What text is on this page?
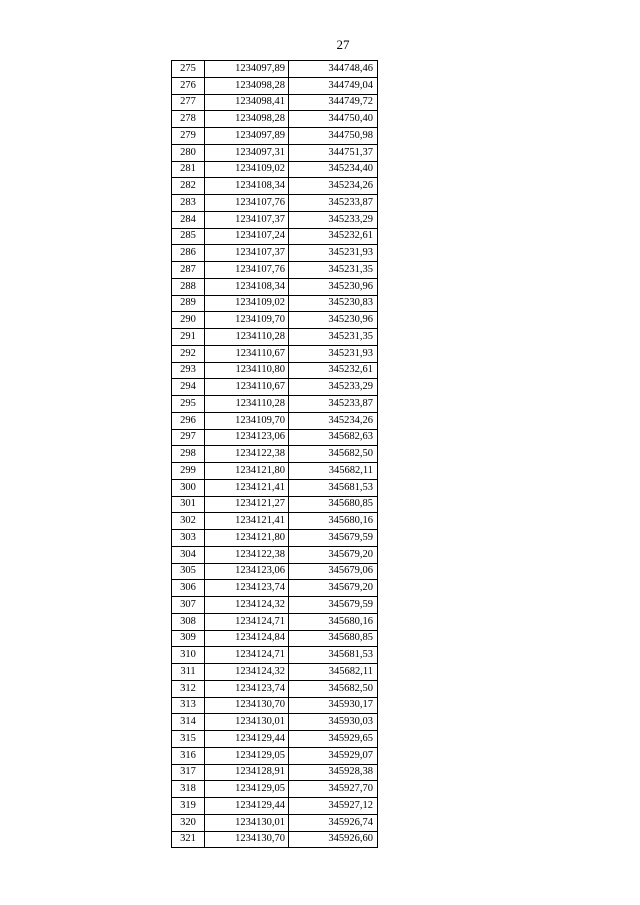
27
275	1234097,89	344748,46
276	1234098,28	344749,04
277	1234098,41	344749,72
278	1234098,28	344750,40
279	1234097,89	344750,98
280	1234097,31	344751,37
281	1234109,02	345234,40
282	1234108,34	345234,26
283	1234107,76	345233,87
284	1234107,37	345233,29
285	1234107,24	345232,61
286	1234107,37	345231,93
287	1234107,76	345231,35
288	1234108,34	345230,96
289	1234109,02	345230,83
290	1234109,70	345230,96
291	1234110,28	345231,35
292	1234110,67	345231,93
293	1234110,80	345232,61
294	1234110,67	345233,29
295	1234110,28	345233,87
296	1234109,70	345234,26
297	1234123,06	345682,63
298	1234122,38	345682,50
299	1234121,80	345682,11
300	1234121,41	345681,53
301	1234121,27	345680,85
302	1234121,41	345680,16
303	1234121,80	345679,59
304	1234122,38	345679,20
305	1234123,06	345679,06
306	1234123,74	345679,20
307	1234124,32	345679,59
308	1234124,71	345680,16
309	1234124,84	345680,85
310	1234124,71	345681,53
311	1234124,32	345682,11
312	1234123,74	345682,50
313	1234130,70	345930,17
314	1234130,01	345930,03
315	1234129,44	345929,65
316	1234129,05	345929,07
317	1234128,91	345928,38
318	1234129,05	345927,70
319	1234129,44	345927,12
320	1234130,01	345926,74
321	1234130,70	345926,60
